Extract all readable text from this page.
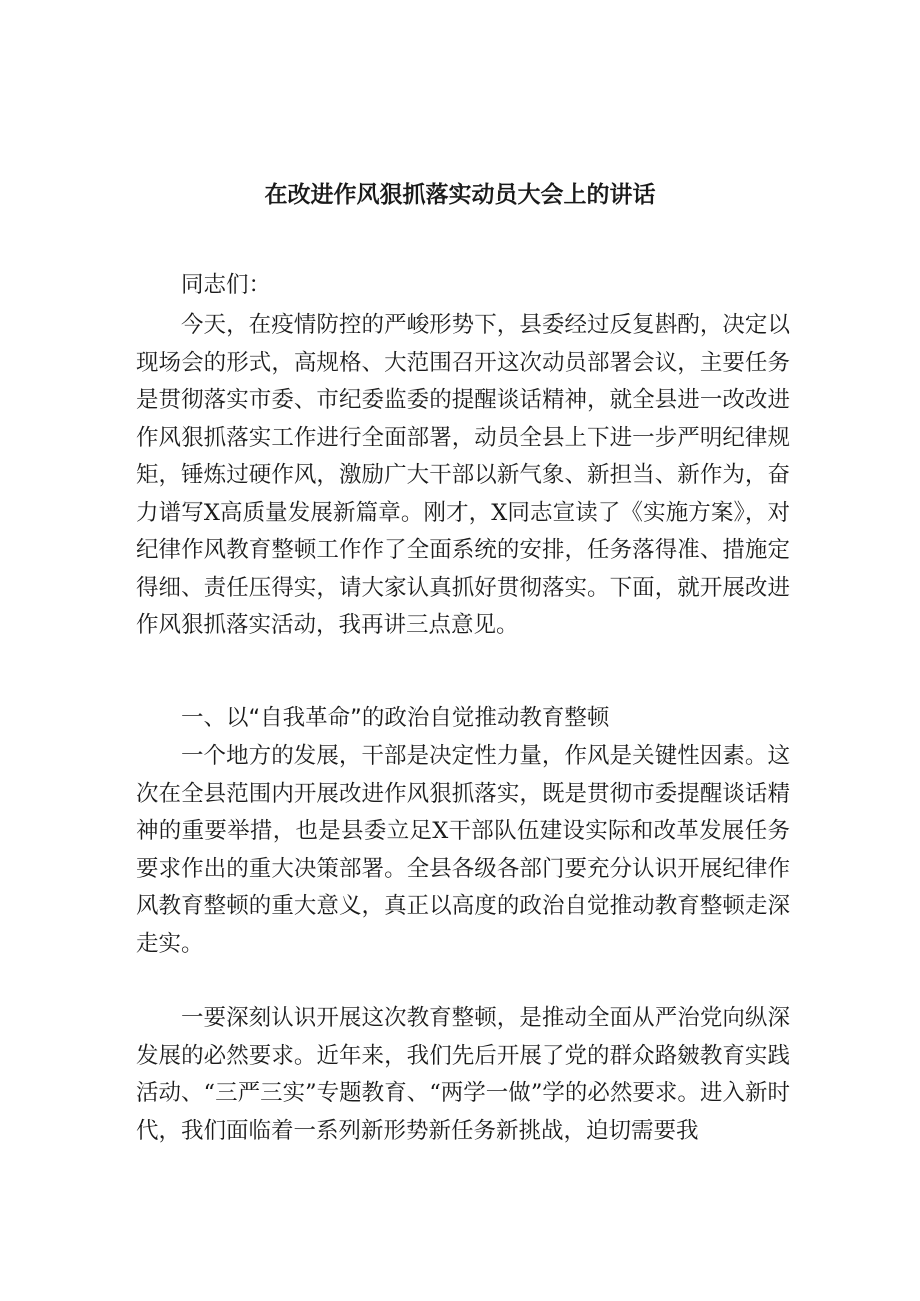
在改进作风狠抓落实动员大会上的讲话

同志们：

今天，在疫情防控的严峻形势下，县委经过反复斟酌，决定以现场会的形式，高规格、大范围召开这次动员部署会议，主要任务是贯彻落实市委、市纪委监委的提醒谈话精神，就全县进一改改进作风狠抓落实工作进行全面部署，动员全县上下进一步严明纪律规矩，锤炼过硬作风，激励广大干部以新气象、新担当、新作为，奋力谱写X高质量发展新篇章。刚才，X同志宣读了《实施方案》，对纪律作风教育整顿工作作了全面系统的安排，任务落得准、措施定得细、责任压得实，请大家认真抓好贯彻落实。下面，就开展改进作风狠抓落实活动，我再讲三点意见。

一、以“自我革命”的政治自觉推动教育整顿

一个地方的发展，干部是决定性力量，作风是关键性因素。这次在全县范围内开展改进作风狠抓落实，既是贯彻市委提醒谈话精神的重要举措，也是县委立足X干部队伍建设实际和改革发展任务要求作出的重大决策部署。全县各级各部门要充分认识开展纪律作风教育整顿的重大意义，真正以高度的政治自觉推动教育整顿走深走实。

一要深刻认识开展这次教育整顿，是推动全面从严治党向纵深发展的必然要求。近年来，我们先后开展了党的群众路皴教育实践活动、“三严三实”专题教育、“两学一做”学的必然要求。进入新时代，我们面临着一系列新形势新任务新挑战，迫切需要我
